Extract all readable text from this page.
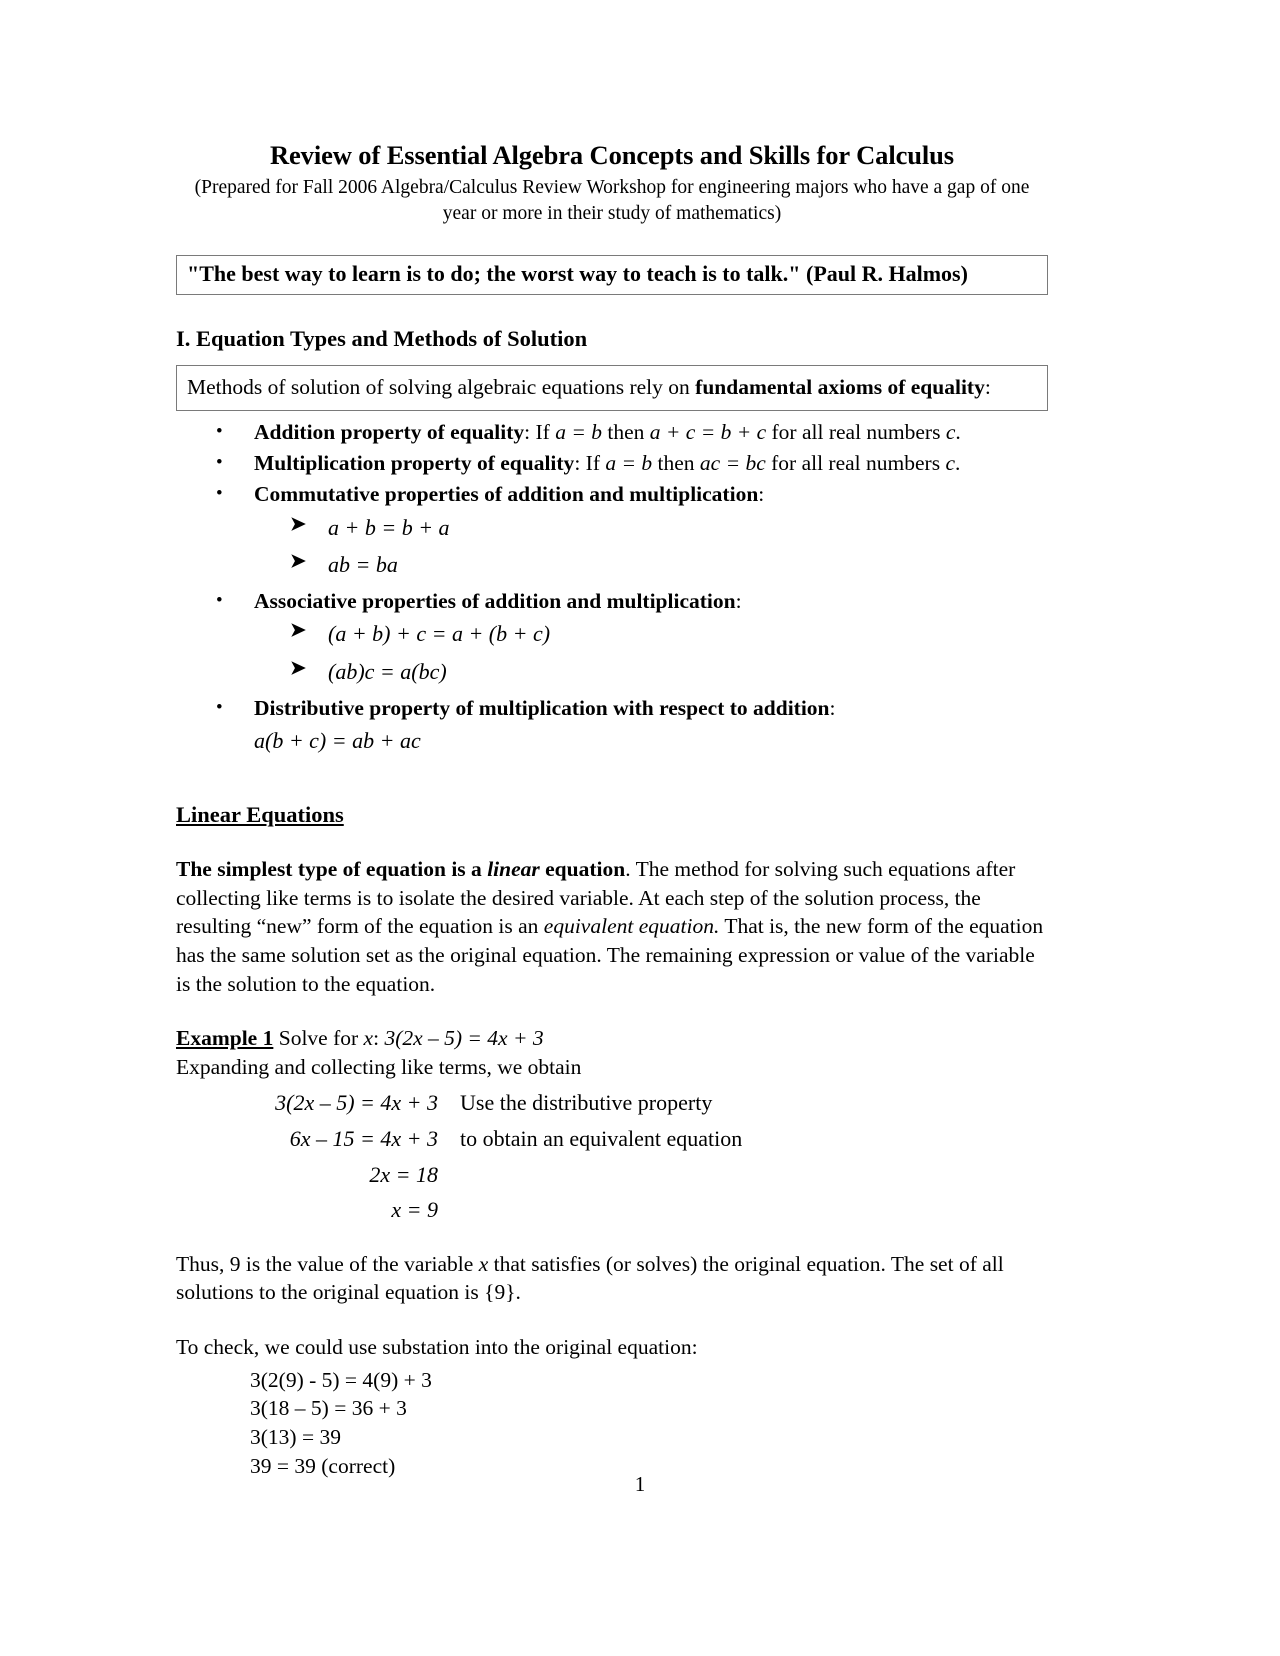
Review of Essential Algebra Concepts and Skills for Calculus
(Prepared for Fall 2006 Algebra/Calculus Review Workshop for engineering majors who have a gap of one year or more in their study of mathematics)
"The best way to learn is to do; the worst way to teach is to talk." (Paul R. Halmos)
I. Equation Types and Methods of Solution

Methods of solution of solving algebraic equations rely on fundamental axioms of equality:

• Addition property of equality: If a = b then a + c = b + c for all real numbers c.
• Multiplication property of equality: If a = b then ac = bc for all real numbers c.
• Commutative properties of addition and multiplication:
➤ a + b = b + a
➤ ab = ba
• Associative properties of addition and multiplication:
➤ (a + b) + c = a + (b + c)
➤ (ab)c = a(bc)
• Distributive property of multiplication with respect to addition:
a(b + c) = ab + ac
Linear Equations

The simplest type of equation is a linear equation. The method for solving such equations after collecting like terms is to isolate the desired variable. At each step of the solution process, the resulting “new” form of the equation is an equivalent equation. That is, the new form of the equation has the same solution set as the original equation. The remaining expression or value of the variable is the solution to the equation.

Example 1 Solve for x: 3(2x – 5) = 4x + 3

Expanding and collecting like terms, we obtain

3(2x – 5) = 4x + 3	Use the distributive property
6x – 15 = 4x + 3	to obtain an equivalent equation
2x = 18
x = 9

Thus, 9 is the value of the variable x that satisfies (or solves) the original equation. The set of all solutions to the original equation is {9}.

To check, we could use substation into the original equation:

3(2(9) - 5) = 4(9) + 3
3(18 – 5) = 36 + 3
3(13) = 39
39 = 39 (correct)
1
